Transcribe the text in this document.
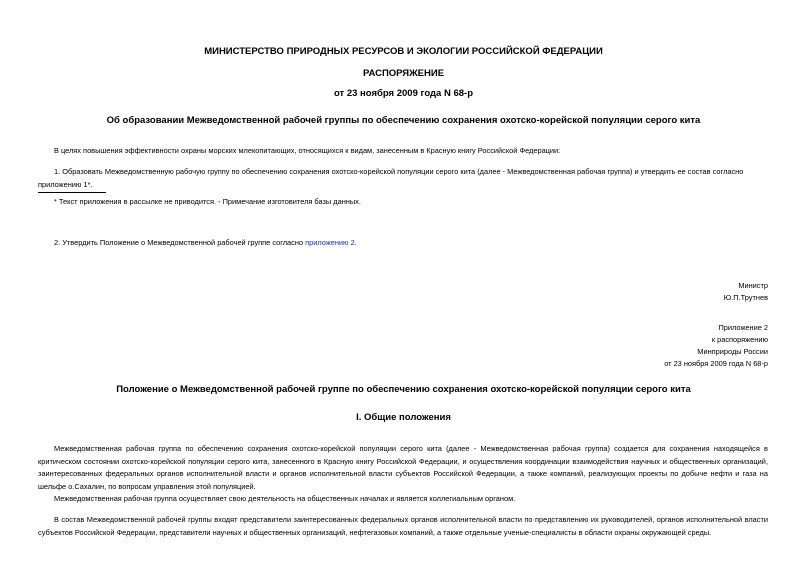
МИНИСТЕРСТВО ПРИРОДНЫХ РЕСУРСОВ И ЭКОЛОГИИ РОССИЙСКОЙ ФЕДЕРАЦИИ
РАСПОРЯЖЕНИЕ
от 23 ноября 2009 года N 68-р
Об образовании Межведомственной рабочей группы по обеспечению сохранения охотско-корейской популяции серого кита
В целях повышения эффективности охраны морских млекопитающих, относящихся к видам, занесенным в Красную книгу Российской Федерации:
1. Образовать Межведомственную рабочую группу по обеспечению сохранения охотско-корейской популяции серого кита (далее - Межведомственная рабочая группа) и утвердить ее состав согласно приложению 1*.
* Текст приложения в рассылке не приводится. - Примечание изготовителя базы данных.
2. Утвердить Положение о Межведомственной рабочей группе согласно приложению 2.
Министр
Ю.П.Трутнев
Приложение 2
к распоряжению
Минприроды России
от 23 ноября 2009 года N 68-р
Положение о Межведомственной рабочей группе по обеспечению сохранения охотско-корейской популяции серого кита
I. Общие положения
Межведомственная рабочая группа по обеспечению сохранения охотско-корейской популяции серого кита (далее - Межведомственная рабочая группа) создается для сохранения находящейся в критическом состоянии охотско-корейской популяции серого кита, занесенного в Красную книгу Российской Федерации, и осуществления координации взаимодействия научных и общественных организаций, заинтересованных федеральных органов исполнительной власти и органов исполнительной власти субъектов Российской Федерации, а также компаний, реализующих проекты по добыче нефти и газа на шельфе о.Сахалин, по вопросам управления этой популяцией.
Межведомственная рабочая группа осуществляет свою деятельность на общественных началах и является коллегиальным органом.
В состав Межведомственной рабочей группы входят представители заинтересованных федеральных органов исполнительной власти по представлению их руководителей, органов исполнительной власти субъектов Российской Федерации, представители научных и общественных организаций, нефтегазовых компаний, а также отдельные ученые-специалисты в области охраны окружающей среды.
